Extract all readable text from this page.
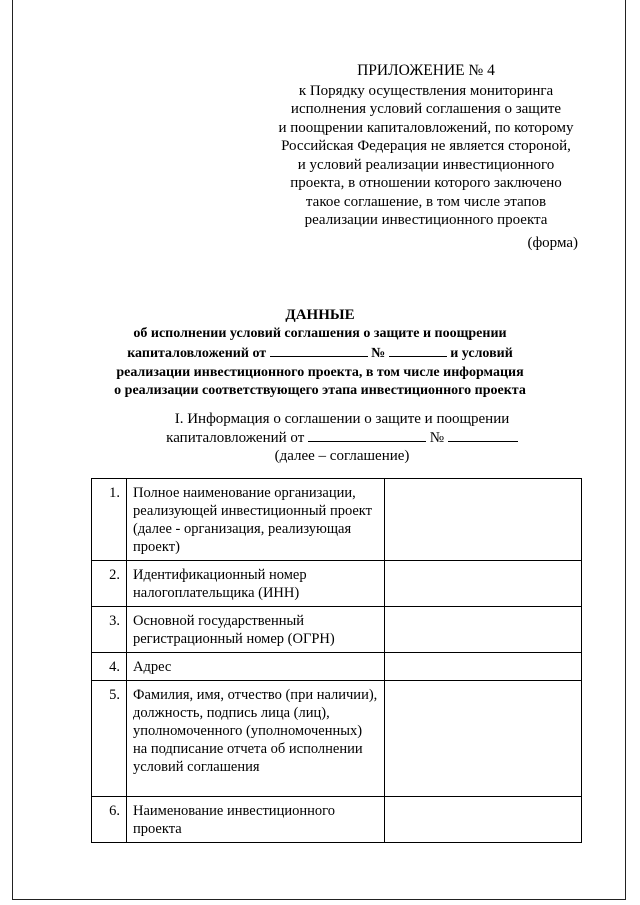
ПРИЛОЖЕНИЕ № 4
к Порядку осуществления мониторинга
исполнения условий соглашения о защите
и поощрении капиталовложений, по которому
Российская Федерация не является стороной,
и условий реализации инвестиционного
проекта, в отношении которого заключено
такое соглашение, в том числе этапов
реализации инвестиционного проекта
(форма)
ДАННЫЕ
об исполнении условий соглашения о защите и поощрении
капиталовложений от	№	и условий
реализации инвестиционного проекта, в том числе информация
о реализации соответствующего этапа инвестиционного проекта
I. Информация о соглашении о защите и поощрении
капиталовложений от	№
(далее – соглашение)
1.	Полное наименование организации, реализующей инвестиционный проект (далее - организация, реализующая проект)	
2.	Идентификационный номер налогоплательщика (ИНН)	
3.	Основной государственный регистрационный номер (ОГРН)	
4.	Адрес	
5.	Фамилия, имя, отчество (при наличии), должность, подпись лица (лиц), уполномоченного (уполномоченных) на подписание отчета об исполнении условий соглашения	
6.	Наименование инвестиционного проекта	
